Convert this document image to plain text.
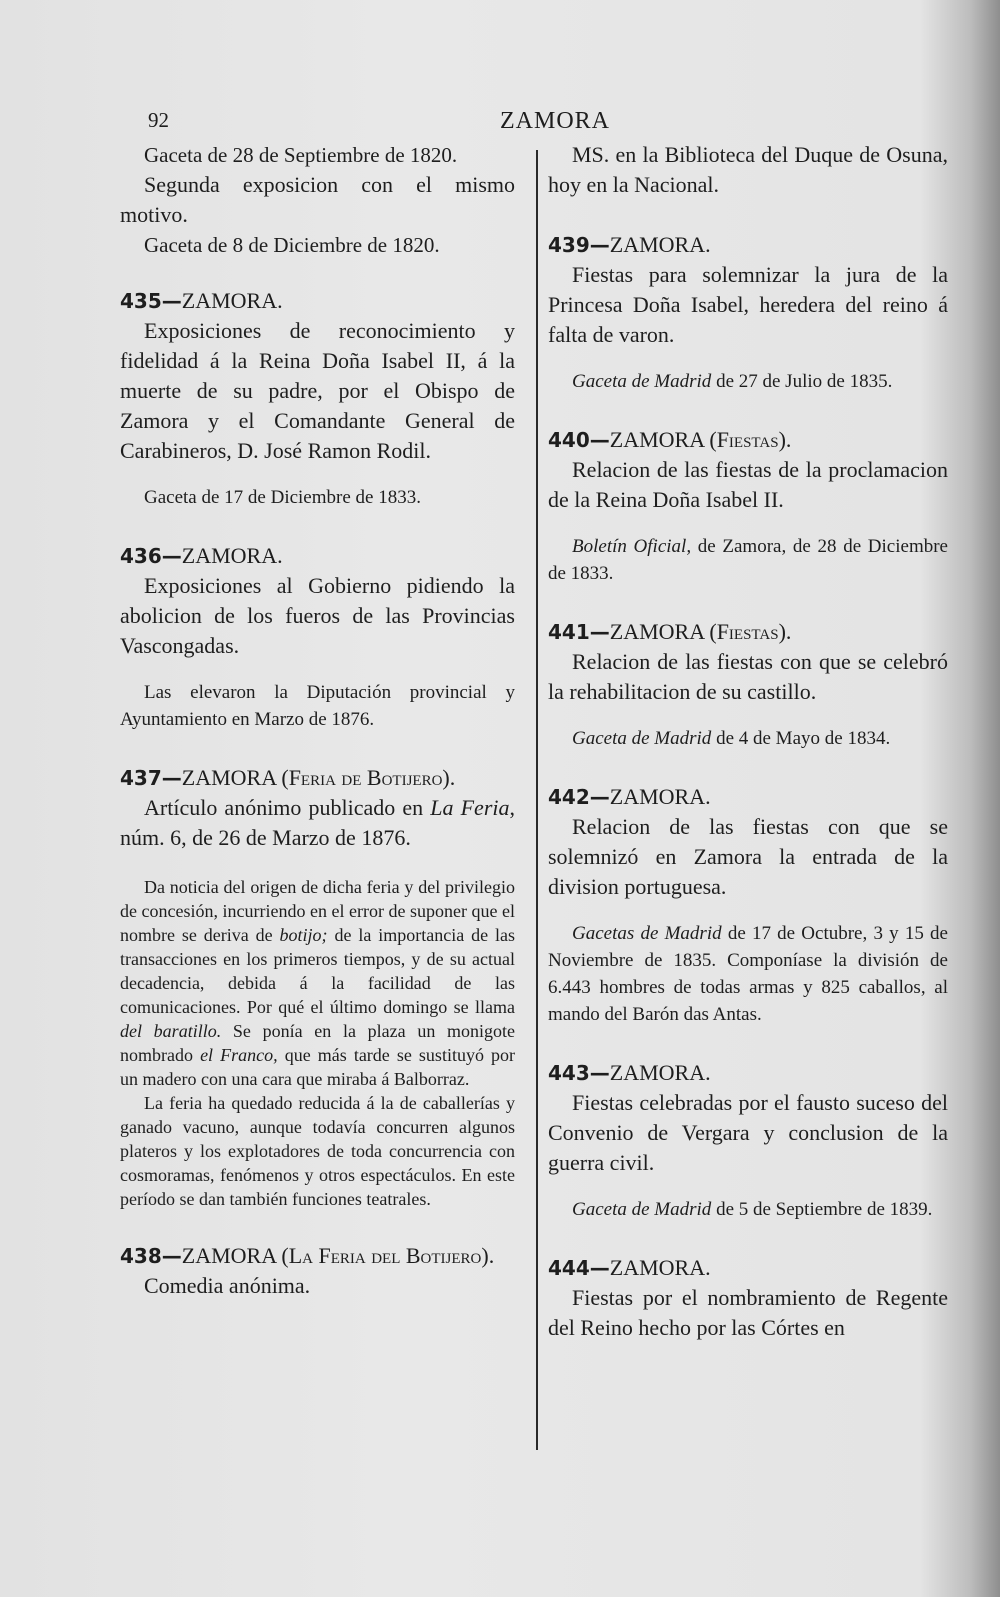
92	ZAMORA

Gaceta de 28 de Septiembre de 1820.

Segunda exposicion con el mismo motivo.

Gaceta de 8 de Diciembre de 1820.

435—ZAMORA.

Exposiciones de reconocimiento y fidelidad á la Reina Doña Isabel II, á la muerte de su padre, por el Obispo de Zamora y el Comandante General de Carabineros, D. José Ramon Rodil.

Gaceta de 17 de Diciembre de 1833.

436—ZAMORA.

Exposiciones al Gobierno pidiendo la abolicion de los fueros de las Provincias Vascongadas.

Las elevaron la Diputación provincial y Ayuntamiento en Marzo de 1876.

437—ZAMORA (Feria de Botijero).

Artículo anónimo publicado en La Feria, núm. 6, de 26 de Marzo de 1876.

Da noticia del origen de dicha feria y del privilegio de concesión, incurriendo en el error de suponer que el nombre se deriva de botijo; de la importancia de las transacciones en los primeros tiempos, y de su actual decadencia, debida á la facilidad de las comunicaciones. Por qué el último domingo se llama del baratillo. Se ponía en la plaza un monigote nombrado el Franco, que más tarde se sustituyó por un madero con una cara que miraba á Balborraz.

La feria ha quedado reducida á la de caballerías y ganado vacuno, aunque todavía concurren algunos plateros y los explotadores de toda concurrencia con cosmoramas, fenómenos y otros espectáculos. En este período se dan también funciones teatrales.

438—ZAMORA (La Feria del Botijero).

Comedia anónima.

MS. en la Biblioteca del Duque de Osuna, hoy en la Nacional.

439—ZAMORA.

Fiestas para solemnizar la jura de la Princesa Doña Isabel, heredera del reino á falta de varon.

Gaceta de Madrid de 27 de Julio de 1835.

440—ZAMORA (Fiestas).

Relacion de las fiestas de la proclamacion de la Reina Doña Isabel II.

Boletín Oficial, de Zamora, de 28 de Diciembre de 1833.

441—ZAMORA (Fiestas).

Relacion de las fiestas con que se celebró la rehabilitacion de su castillo.

Gaceta de Madrid de 4 de Mayo de 1834.

442—ZAMORA.

Relacion de las fiestas con que se solemnizó en Zamora la entrada de la division portuguesa.

Gacetas de Madrid de 17 de Octubre, 3 y 15 de Noviembre de 1835. Componíase la división de 6.443 hombres de todas armas y 825 caballos, al mando del Barón das Antas.

443—ZAMORA.

Fiestas celebradas por el fausto suceso del Convenio de Vergara y conclusion de la guerra civil.

Gaceta de Madrid de 5 de Septiembre de 1839.

444—ZAMORA.

Fiestas por el nombramiento de Regente del Reino hecho por las Córtes en
